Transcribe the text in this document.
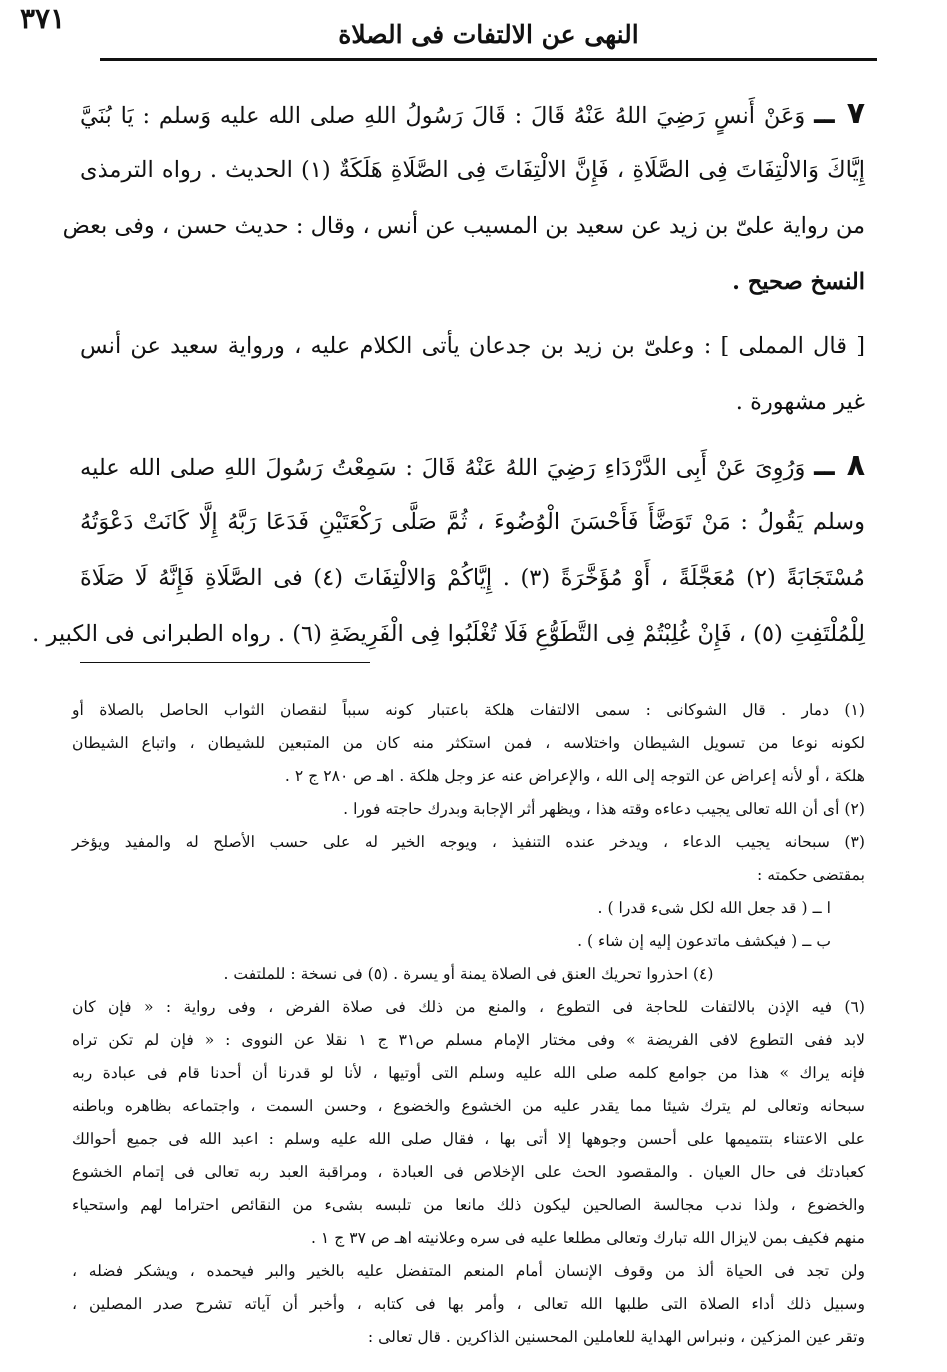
النهى عن الالتفات فى الصلاة
٣٧١
٧ ــ وَعَنْ أَنسٍ رَضِيَ اللهُ عَنْهُ قَالَ : قَالَ رَسُولُ اللهِ صلى الله عليه وَسلم : يَا بُنَيَّ
إِيَّاكَ وَالالْتِفَاتَ فِى الصَّلَاةِ ، فَإِنَّ الالْتِفَاتَ فِى الصَّلَاةِ هَلَكَةٌ (١) الحديث . رواه الترمذى
من رواية علىّ بن زيد عن سعيد بن المسيب عن أنس ، وقال : حديث حسن ، وفى بعض
النسخ صحيح .
[ قال المملى ] : وعلىّ بن زيد بن جدعان يأتى الكلام عليه ، ورواية سعيد عن أنس
غير مشهورة .
٨ ــ وَرُوِىَ عَنْ أَبِى الدَّرْدَاءِ رَضِيَ اللهُ عَنْهُ قَالَ : سَمِعْتُ رَسُولَ اللهِ صلى الله عليه
وسلم يَقُولُ : مَنْ تَوَضَّأَ فَأَحْسَنَ الْوُضُوءَ ، ثُمَّ صَلَّى رَكْعَتَيْنِ فَدَعَا رَبَّهُ إِلَّا كَانَتْ دَعْوَتُهُ
مُسْتَجَابَةً (٢) مُعَجَّلَةً ، أَوْ مُؤَخَّرَةً (٣) . إِيَّاكُمْ وَالالْتِفَاتَ (٤) فى الصَّلَاةِ فَإِنَّهُ لَا صَلَاةَ
لِلْمُلْتَفِتِ (٥) ، فَإِنْ غُلِبْتُمْ فِى التَّطَوُّعِ فَلَا تُغْلَبُوا فِى الْفَرِيضَةِ (٦) . رواه الطبرانى فى الكبير .
(١) دمار . قال الشوكانى : سمى الالتفات هلكة باعتبار كونه سبباً لنقصان الثواب الحاصل بالصلاة أو
لكونه نوعا من تسويل الشيطان واختلاسه ، فمن استكثر منه كان من المتبعين للشيطان ، واتباع الشيطان
هلكة ، أو لأنه إعراض عن التوجه إلى الله ، والإعراض عنه عز وجل هلكة . اهـ ص ٢٨٠ ج ٢ .
(٢) أى أن الله تعالى يجيب دعاءه وقته هذا ، ويظهر أثر الإجابة وبدرك حاجته فورا .
(٣) سبحانه يجيب الدعاء ، ويدخر عنده التنفيذ ، ويوجه الخير له على حسب الأصلح له والمفيد ويؤخر
بمقتضى حكمته :
ا ــ ( قد جعل الله لكل شىء قدرا ) .
ب ــ ( فيكشف ماتدعون إليه إن شاء ) .
(٤) احذروا تحريك العنق فى الصلاة يمنة أو يسرة . (٥) فى نسخة : للملتفت .
(٦) فيه الإذن بالالتفات للحاجة فى التطوع ، والمنع من ذلك فى صلاة الفرض ، وفى رواية : « فإن كان
لابد ففى التطوع لافى الفريضة » وفى مختار الإمام مسلم ص٣١ ج ١ نقلا عن النووى : « فإن لم تكن تراه
فإنه يراك » هذا من جوامع كلمه صلى الله عليه وسلم التى أوتيها ، لأنا لو قدرنا أن أحدنا قام فى عبادة ربه
سبحانه وتعالى لم يترك شيئا مما يقدر عليه من الخشوع والخضوع ، وحسن السمت ، واجتماعه بظاهره وباطنه
على الاعتناء بتتميمها على أحسن وجوهها إلا أتى بها ، فقال صلى الله عليه وسلم : اعبد الله فى جميع أحوالك
كعبادتك فى حال العيان . والمقصود الحث على الإخلاص فى العبادة ، ومراقبة العبد ربه تعالى فى إتمام الخشوع
والخضوع ، ولذا ندب مجالسة الصالحين ليكون ذلك مانعا من تلبسه بشىء من النقائص احتراما لهم واستحياء
منهم فكيف بمن لايزال الله تبارك وتعالى مطلعا عليه فى سره وعلانيته اهـ ص ٣٧ ج ١ .
ولن تجد فى الحياة ألذ من وقوف الإنسان أمام المنعم المتفضل عليه بالخير والبر فيحمده ، ويشكر فضله ،
وسبيل ذلك أداء الصلاة التى طلبها الله تعالى ، وأمر بها فى كتابه ، وأخبر أن آياته تشرح صدر المصلين ،
وتقر عين المزكين ، ونبراس الهداية للعاملين المحسنين الذاكرين . قال تعالى :
